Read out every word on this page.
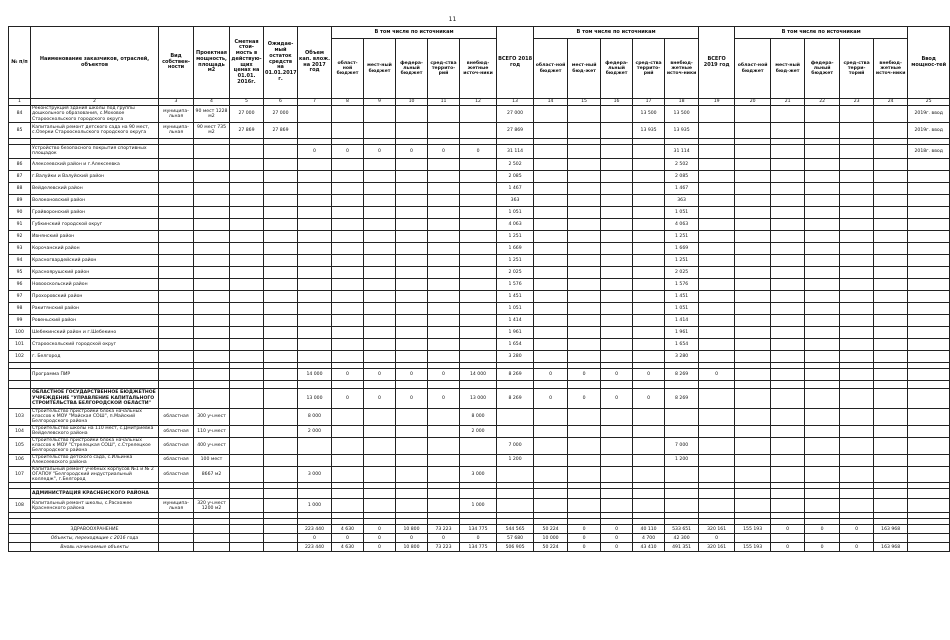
11
№ п/п	Наименование заказчиков, отраслей, объектов	Вид собствен-ности	Проектная мощность, площадь м2	Сметная стои-мость в действую-щих ценах на 01.01. 2016г.	Ожидае-мый остаток средств на 01.01.2017 г.	Объем кап. влож. на 2017 год	В том числе по источникам					ВСЕГО 2018 год	В том числе по источникам					ВСЕГО 2019 год	В том числе по источникам					Ввод мощнос-тей
							област-ной бюджет	мест-ный бюджет	федера-льный бюджет	сред-ства террито-рий	внебюд-жетные источ-ники		област-ной бюджет	мест-ный бюд-жет	федера-льный бюджет	сред-ства террито-рий	внебюд-жетные источ-ники		област-ной бюджет	мест-ный бюд-жет	федера-льный бюджет	сред-ства терри-торий	внебюд-жетные источ-ники	
1	2	3	4	5	6	7	8	9	10	11	12	13	14	15	16	17	18	19	20	21	22	23	24	25
84	Реконструкция здания школы под группы дошкольного образования, с.Моховое Старооскольского городского округа	муниципа-льная	90 мест 1228 м2	27 000	27 000							27 000				13 500	13 500							2019г. ввод
85	Капитальный ремонт детского сада на 90 мест, с.Озерки Старооскольского городского округа	муниципа-льная	90 мест 735 м2	27 869	27 869							27 869				13 935	13 935							2019г. ввод

	Устройство безопасного покрытия спортивных площадок					0	0	0	0	0	0	31 114					31 114							2018г. ввод
86	Алексеевский район и г.Алексеевка											2 502					2 502							
87	г.Валуйки и Валуйский район											2 085					2 085							
88	Вейделевский район											1 467					1 467							
89	Волоконовский район											363					363							
90	Грайворонский район											1 051					1 051							
91	Губкинский городской округ											4 063					4 063							
92	Ивнянский район											1 251					1 251							
93	Корочанский район											1 669					1 669							
94	Красногвардейский район											1 251					1 251							
95	Красноярушский район											2 025					2 025							
96	Новооскольский район											1 576					1 576							
97	Прохоровский район											1 451					1 451							
98	Ракитянский район											1 051					1 051							
99	Ровеньский район											1 414					1 414							
100	Шебекинский район и г.Шебекино											1 961					1 961							
101	Старооскольский городской округ											1 654					1 654							
102	г. Белгород											3 280					3 280							

	Программа ПИР					14 000	0	0	0	0	14 000	8 269	0	0	0	0	8 269	0						

	ОБЛАСТНОЕ ГОСУДАРСТВЕННОЕ БЮДЖЕТНОЕ УЧРЕЖДЕНИЕ "УПРАВЛЕНИЕ КАПИТАЛЬНОГО СТРОИТЕЛЬСТВА БЕЛГОРОДСКОЙ ОБЛАСТИ"					13 000	0	0	0	0	13 000	8 269	0	0	0	0	8 269							
103	Строительство пристройки блока начальных классов к МОУ "Майская СОШ", п.Майский Белгородского района	областная	300 уч.мест			8 000					8 000													
104	Строительство школы на 110 мест, с.Дмитриевка Вейделевского района	областная	110 уч.мест			2 000					2 000													
105	Строительство пристройки блока начальных классов к МОУ "Стрелецкая СОШ", с.Стрелецкое Белгородского района	областная	400 уч.мест									7 000					7 000							
106	Строительство детского сада, с.Ильинка Алексеевского района	областная	100 мест									1 200					1 200							
107	Капитальный ремонт учебных корпусов №1 и № 2 ОГАПОУ "Белгородский индустриальный колледж", г.Белгород	областная	8667 м2			3 000					3 000													

	АДМИНИСТРАЦИЯ КРАСНЕНСКОГО РАЙОНА																							
108	Капитальный ремонт школы, с.Расхожее Красненского района	муниципа-льная	320 уч.мест 1200 м2			1 000					1 000													

	ЗДРАВООХРАНЕНИЕ					223 440	4 630	0	10 800	73 223	134 775	544 565	50 224	0	0	40 110	533 651	320 161	155 193	0	0	0	163 968	
	Объекты, переходящие с 2016 года					0	0	0	0	0	0	57 680	10 000	0	0	4 700	42 300	0						
	Вновь начинаемые объекты					223 440	4 630	0	10 800	73 223	134 775	506 905	50 224	0	0	43 410	491 351	320 161	155 193	0	0	0	163 968	
